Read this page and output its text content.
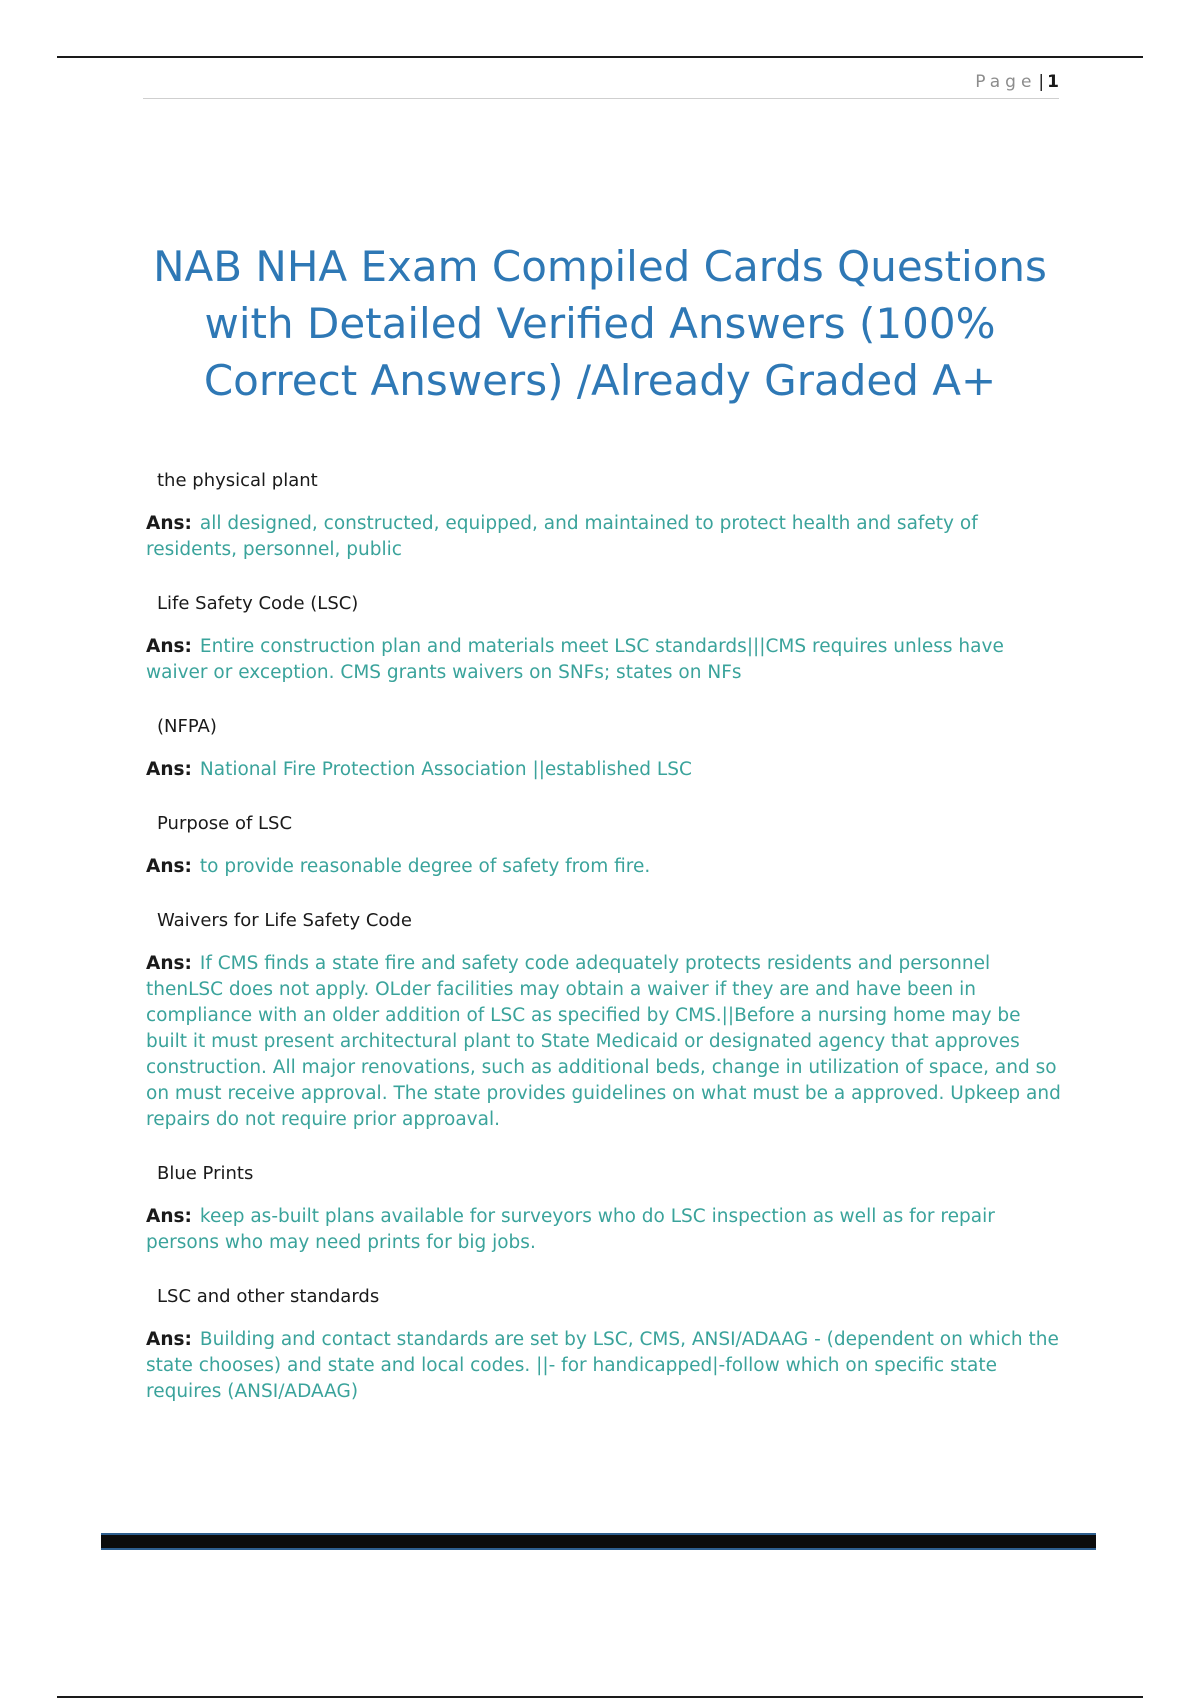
Page | 1
NAB NHA Exam Compiled Cards Questions
with Detailed Verified Answers (100%
Correct Answers) /Already Graded A+
the physical plant
Ans: all designed, constructed, equipped, and maintained to protect health and safety of residents, personnel, public
Life Safety Code (LSC)
Ans: Entire construction plan and materials meet LSC standards|||CMS requires unless have waiver or exception. CMS grants waivers on SNFs; states on NFs
(NFPA)
Ans: National Fire Protection Association ||established LSC
Purpose of LSC
Ans: to provide reasonable degree of safety from fire.
Waivers for Life Safety Code
Ans: If CMS finds a state fire and safety code adequately protects residents and personnel thenLSC does not apply. OLder facilities may obtain a waiver if they are and have been in compliance with an older addition of LSC as specified by CMS.||Before a nursing home may be built it must present architectural plant to State Medicaid or designated agency that approves construction. All major renovations, such as additional beds, change in utilization of space, and so on must receive approval. The state provides guidelines on what must be a approved. Upkeep and repairs do not require prior approaval.
Blue Prints
Ans: keep as-built plans available for surveyors who do LSC inspection as well as for repair persons who may need prints for big jobs.
LSC and other standards
Ans: Building and contact standards are set by LSC, CMS, ANSI/ADAAG - (dependent on which the state chooses) and state and local codes. ||- for handicapped|-follow which on specific state requires (ANSI/ADAAG)
